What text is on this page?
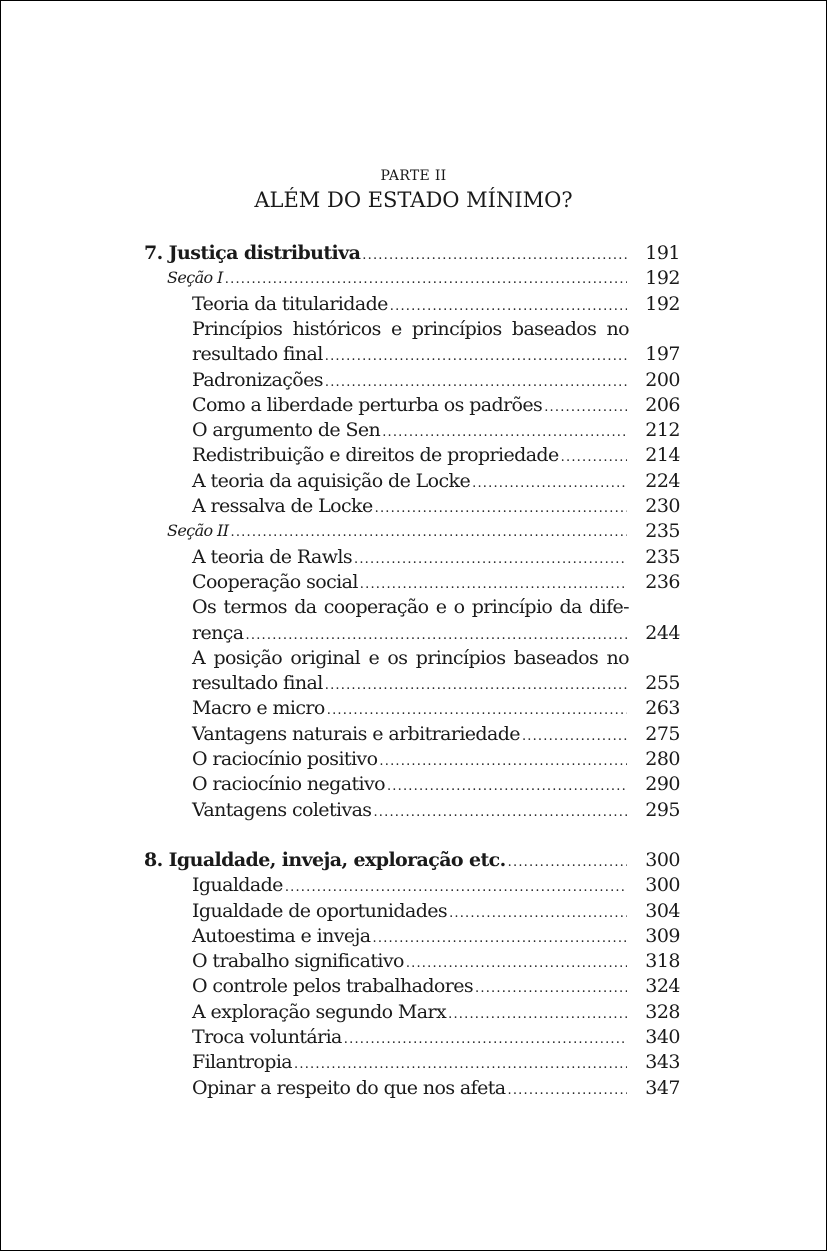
PARTE II
ALÉM DO ESTADO MÍNIMO?
7. Justiça distributiva .....	191
Seção I .....	192
Teoria da titularidade .....	192
Princípios históricos e princípios baseados no
resultado final .....	197
Padronizações .....	200
Como a liberdade perturba os padrões .....	206
O argumento de Sen .....	212
Redistribuição e direitos de propriedade .....	214
A teoria da aquisição de Locke .....	224
A ressalva de Locke .....	230
Seção II .....	235
A teoria de Rawls .....	235
Cooperação social .....	236
Os termos da cooperação e o princípio da dife-
rença .....	244
A posição original e os princípios baseados no
resultado final .....	255
Macro e micro .....	263
Vantagens naturais e arbitrariedade .....	275
O raciocínio positivo .....	280
O raciocínio negativo .....	290
Vantagens coletivas .....	295
8. Igualdade, inveja, exploração etc. .....	300
Igualdade .....	300
Igualdade de oportunidades .....	304
Autoestima e inveja .....	309
O trabalho significativo .....	318
O controle pelos trabalhadores .....	324
A exploração segundo Marx .....	328
Troca voluntária .....	340
Filantropia .....	343
Opinar a respeito do que nos afeta .....	347
